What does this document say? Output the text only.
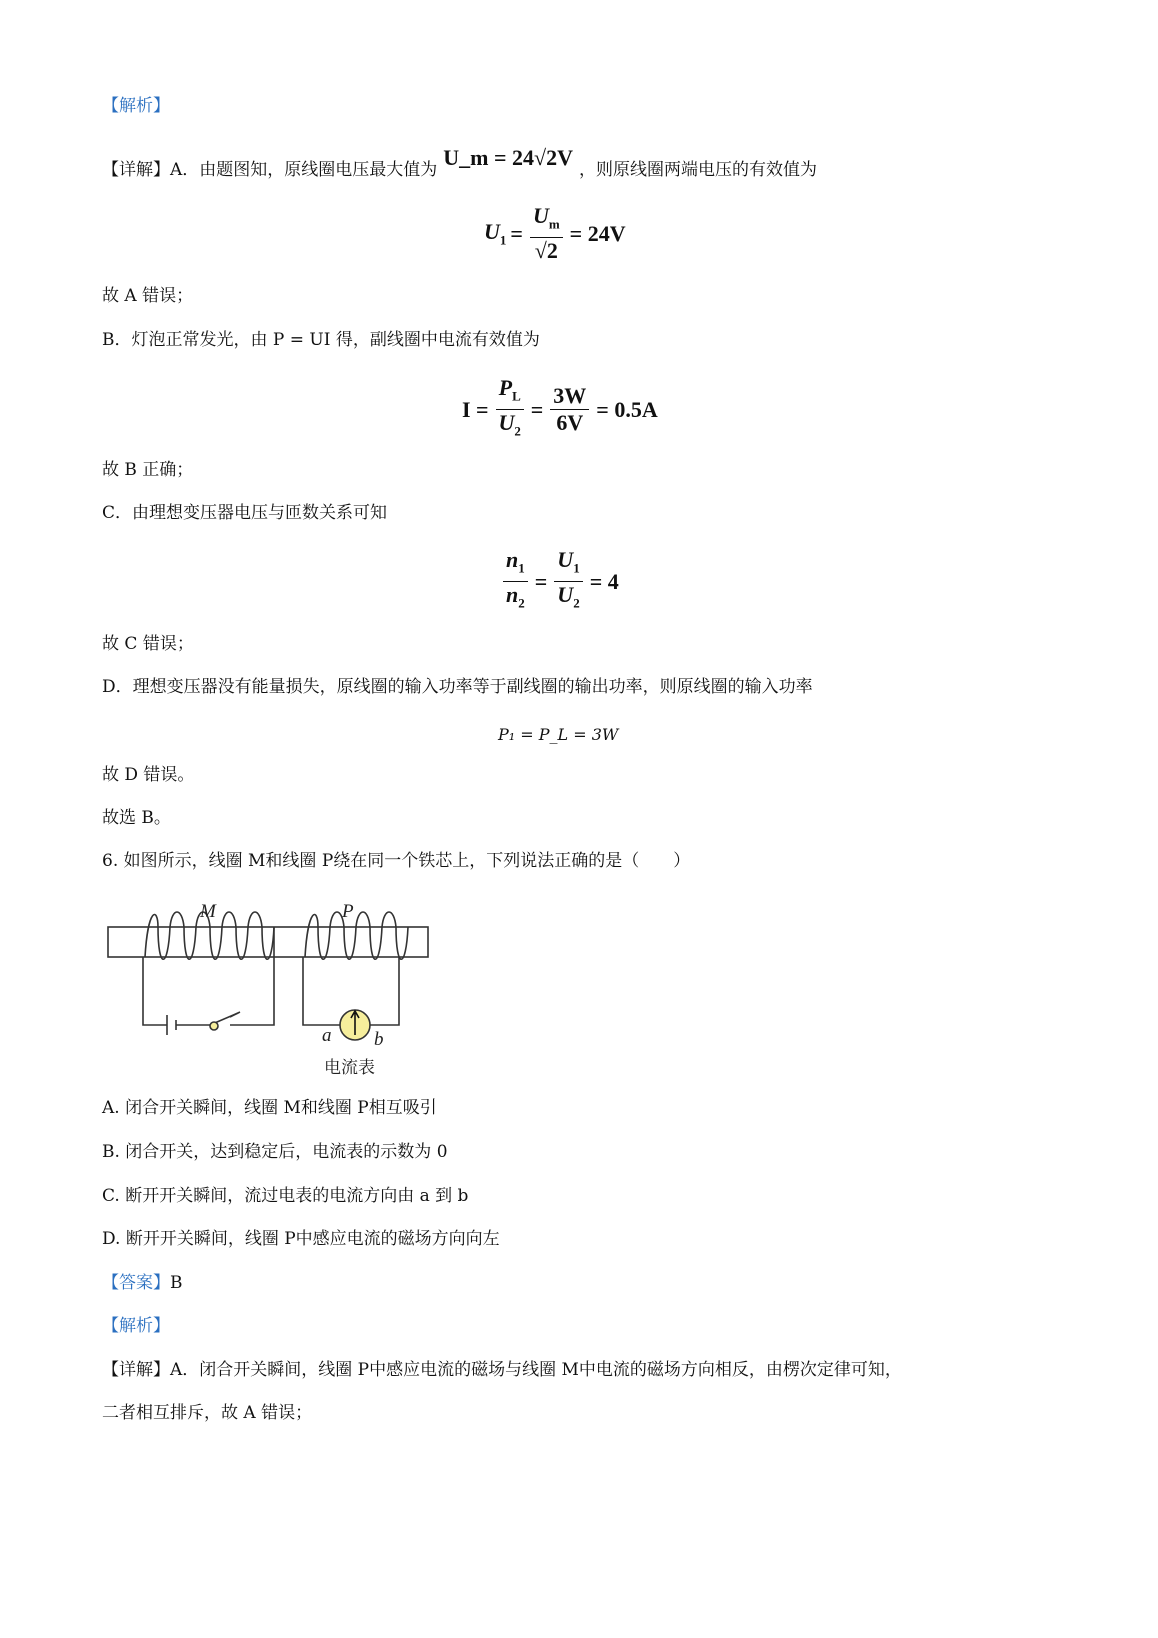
【解析】
【详解】A．由题图知，原线圈电压最大值为 U_m = 24√2V ，则原线圈两端电压的有效值为
$U_1 = \frac{U_m}{√2} = 24V$
故 A 错误；
B．灯泡正常发光，由 P = UI 得，副线圈中电流有效值为
$I = \frac{P_L}{U_2} = \frac{3W}{6V} = 0.5A$
故 B 正确；
C．由理想变压器电压与匝数关系可知
$\frac{n_1}{n_2} = \frac{U_1}{U_2} = 4$
故 C 错误；
D．理想变压器没有能量损失，原线圈的输入功率等于副线圈的输出功率，则原线圈的输入功率
P₁ = P_L = 3W
故 D 错误。
故选 B。
6. 如图所示，线圈 M和线圈 P绕在同一个铁芯上，下列说法正确的是（　　）
M	P
a b
电流表
A. 闭合开关瞬间，线圈 M和线圈 P相互吸引
B. 闭合开关，达到稳定后，电流表的示数为 0
C. 断开开关瞬间，流过电表的电流方向由 a 到 b
D. 断开开关瞬间，线圈 P中感应电流的磁场方向向左
【答案】B
【解析】
【详解】A．闭合开关瞬间，线圈 P中感应电流的磁场与线圈 M中电流的磁场方向相反，由楞次定律可知，
二者相互排斥，故 A 错误；
